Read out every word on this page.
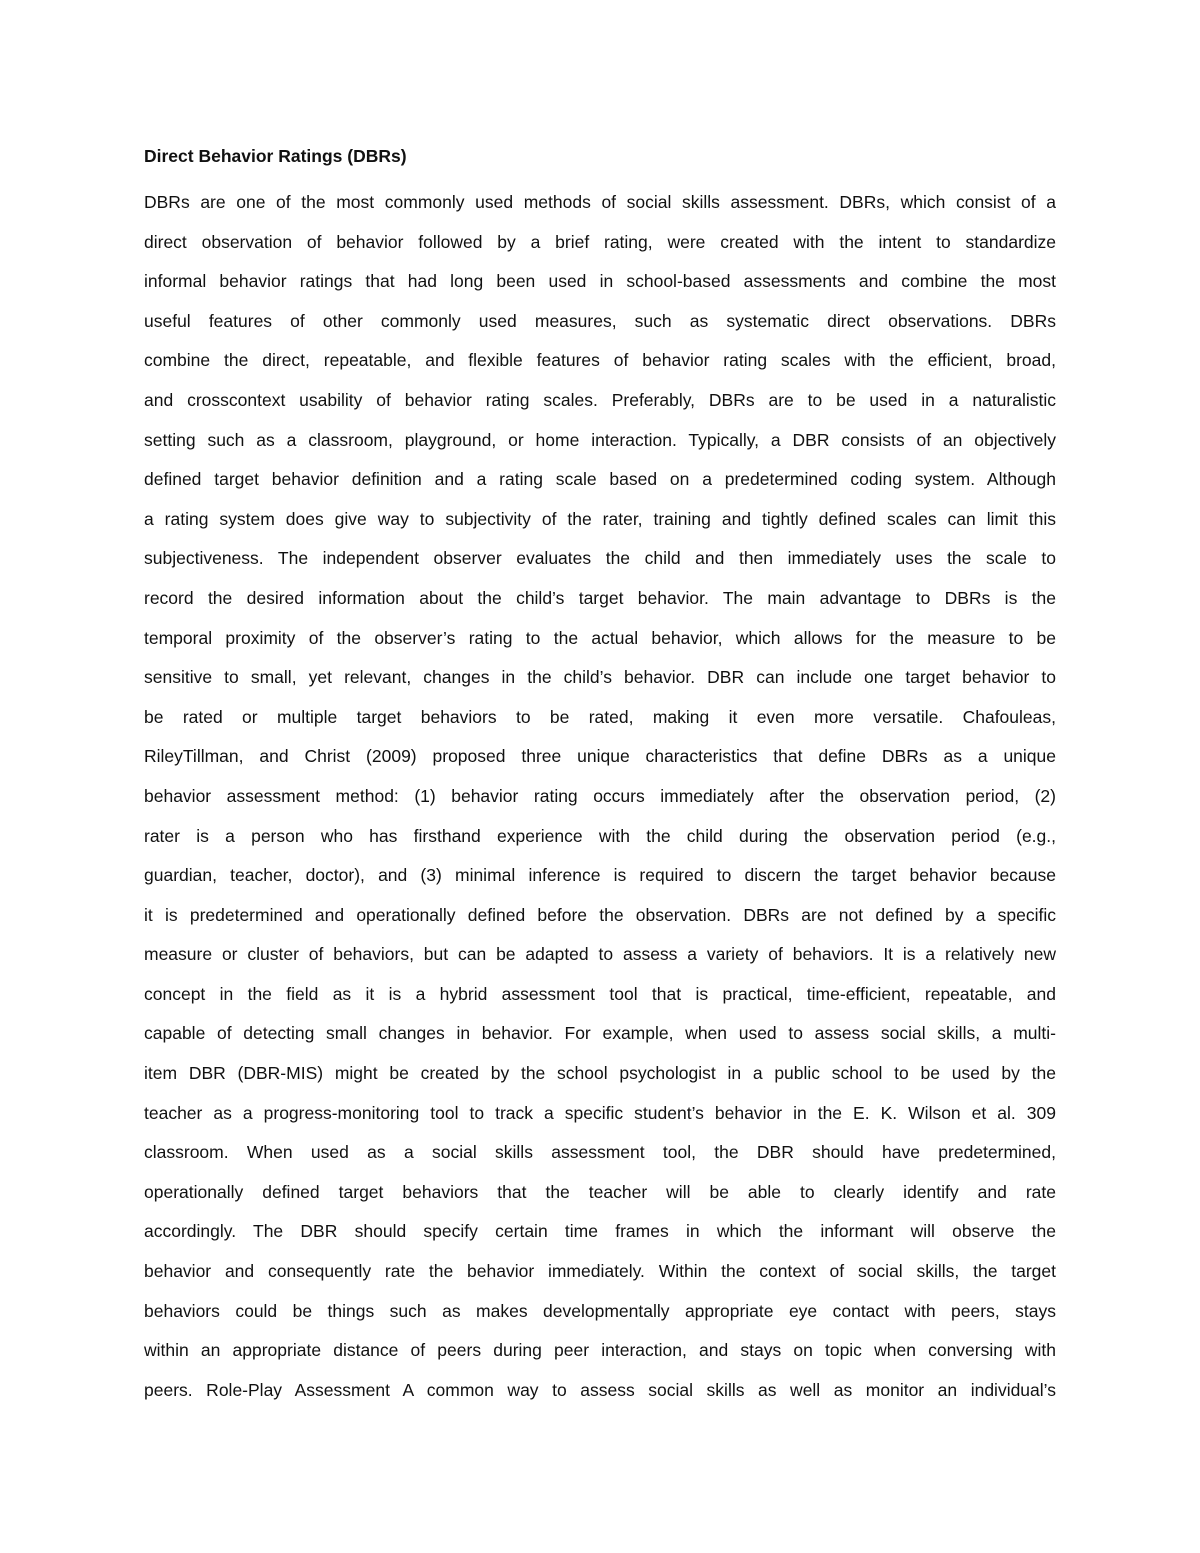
Direct Behavior Ratings (DBRs)
DBRs are one of the most commonly used methods of social skills assessment. DBRs, which consist of a
direct observation of behavior followed by a brief rating, were created with the intent to standardize
informal behavior ratings that had long been used in school-based assessments and combine the most
useful features of other commonly used measures, such as systematic direct observations. DBRs
combine the direct, repeatable, and flexible features of behavior rating scales with the efficient, broad,
and crosscontext usability of behavior rating scales. Preferably, DBRs are to be used in a naturalistic
setting such as a classroom, playground, or home interaction. Typically, a DBR consists of an objectively
defined target behavior definition and a rating scale based on a predetermined coding system. Although
a rating system does give way to subjectivity of the rater, training and tightly defined scales can limit this
subjectiveness. The independent observer evaluates the child and then immediately uses the scale to
record the desired information about the child’s target behavior. The main advantage to DBRs is the
temporal proximity of the observer’s rating to the actual behavior, which allows for the measure to be
sensitive to small, yet relevant, changes in the child’s behavior. DBR can include one target behavior to
be rated or multiple target behaviors to be rated, making it even more versatile. Chafouleas,
RileyTillman, and Christ (2009) proposed three unique characteristics that define DBRs as a unique
behavior assessment method: (1) behavior rating occurs immediately after the observation period, (2)
rater is a person who has firsthand experience with the child during the observation period (e.g.,
guardian, teacher, doctor), and (3) minimal inference is required to discern the target behavior because
it is predetermined and operationally defined before the observation. DBRs are not defined by a specific
measure or cluster of behaviors, but can be adapted to assess a variety of behaviors. It is a relatively new
concept in the field as it is a hybrid assessment tool that is practical, time-efficient, repeatable, and
capable of detecting small changes in behavior. For example, when used to assess social skills, a multi-
item DBR (DBR-MIS) might be created by the school psychologist in a public school to be used by the
teacher as a progress-monitoring tool to track a specific student’s behavior in the E. K. Wilson et al. 309
classroom. When used as a social skills assessment tool, the DBR should have predetermined,
operationally defined target behaviors that the teacher will be able to clearly identify and rate
accordingly. The DBR should specify certain time frames in which the informant will observe the
behavior and consequently rate the behavior immediately. Within the context of social skills, the target
behaviors could be things such as makes developmentally appropriate eye contact with peers, stays
within an appropriate distance of peers during peer interaction, and stays on topic when conversing with
peers. Role-Play Assessment A common way to assess social skills as well as monitor an individual’s
